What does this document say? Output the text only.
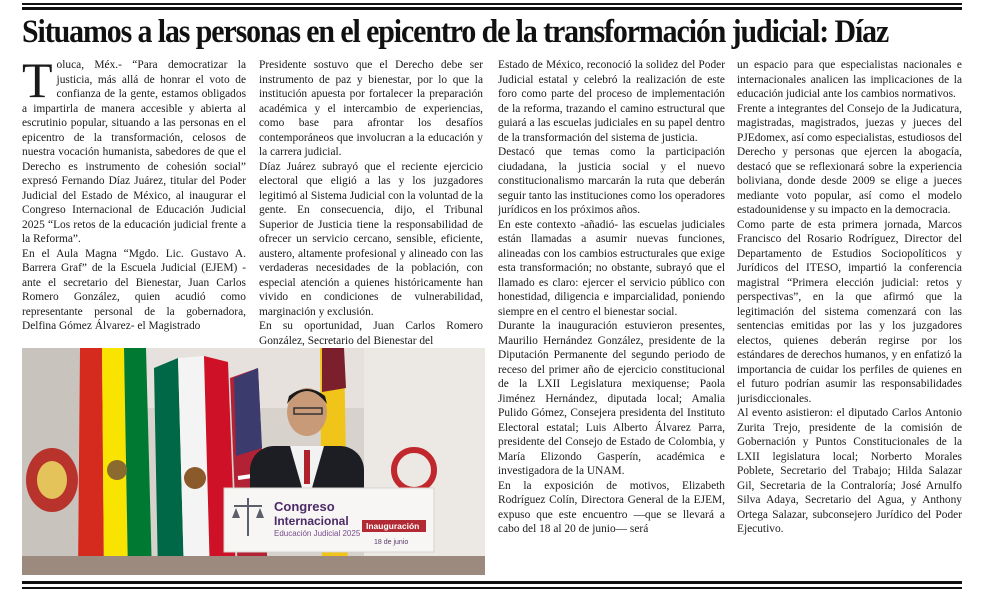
Situamos a las personas en el epicentro de la transformación judicial: Díaz

Toluca, Méx.- “Para democratizar la justicia, más allá de honrar el voto de confianza de la gente, estamos obligados a impartirla de manera accesible y abierta al escrutinio popular, situando a las personas en el epicentro de la transformación, celosos de nuestra vocación humanista, sabedores de que el Derecho es instrumento de cohesión social” expresó Fernando Díaz Juárez, titular del Poder Judicial del Estado de México, al inaugurar el Congreso Internacional de Educación Judicial 2025 “Los retos de la educación judicial frente a la Reforma”.

En el Aula Magna “Mgdo. Lic. Gustavo A. Barrera Graf” de la Escuela Judicial (EJEM) -ante el secretario del Bienestar, Juan Carlos Romero González, quien acudió como representante personal de la gobernadora, Delfina Gómez Álvarez- el Magistrado

Presidente sostuvo que el Derecho debe ser instrumento de paz y bienestar, por lo que la institución apuesta por fortalecer la preparación académica y el intercambio de experiencias, como base para afrontar los desafíos contemporáneos que involucran a la educación y la carrera judicial.

Díaz Juárez subrayó que el reciente ejercicio electoral que eligió a las y los juzgadores legitimó al Sistema Judicial con la voluntad de la gente. En consecuencia, dijo, el Tribunal Superior de Justicia tiene la responsabilidad de ofrecer un servicio cercano, sensible, eficiente, austero, altamente profesional y alineado con las verdaderas necesidades de la población, con especial atención a quienes históricamente han vivido en condiciones de vulnerabilidad, marginación y exclusión.

En su oportunidad, Juan Carlos Romero González, Secretario del Bienestar del

Estado de México, reconoció la solidez del Poder Judicial estatal y celebró la realización de este foro como parte del proceso de implementación de la reforma, trazando el camino estructural que guiará a las escuelas judiciales en su papel dentro de la transformación del sistema de justicia.

Destacó que temas como la participación ciudadana, la justicia social y el nuevo constitucionalismo marcarán la ruta que deberán seguir tanto las instituciones como los operadores jurídicos en los próximos años.

En este contexto -añadió- las escuelas judiciales están llamadas a asumir nuevas funciones, alineadas con los cambios estructurales que exige esta transformación; no obstante, subrayó que el llamado es claro: ejercer el servicio público con honestidad, diligencia e imparcialidad, poniendo siempre en el centro el bienestar social.

Durante la inauguración estuvieron presentes, Maurilio Hernández González, presidente de la Diputación Permanente del segundo periodo de receso del primer año de ejercicio constitucional de la LXII Legislatura mexiquense; Paola Jiménez Hernández, diputada local; Amalia Pulido Gómez, Consejera presidenta del Instituto Electoral estatal; Luis Alberto Álvarez Parra, presidente del Consejo de Estado de Colombia, y María Elizondo Gasperín, académica e investigadora de la UNAM.

En la exposición de motivos, Elizabeth Rodríguez Colín, Directora General de la EJEM, expuso que este encuentro —que se llevará a cabo del 18 al 20 de junio— será

un espacio para que especialistas nacionales e internacionales analicen las implicaciones de la educación judicial ante los cambios normativos.

Frente a integrantes del Consejo de la Judicatura, magistradas, magistrados, juezas y jueces del PJEdomex, así como especialistas, estudiosos del Derecho y personas que ejercen la abogacía, destacó que se reflexionará sobre la experiencia boliviana, donde desde 2009 se elige a jueces mediante voto popular, así como el modelo estadounidense y su impacto en la democracia.

Como parte de esta primera jornada, Marcos Francisco del Rosario Rodríguez, Director del Departamento de Estudios Sociopolíticos y Jurídicos del ITESO, impartió la conferencia magistral “Primera elección judicial: retos y perspectivas”, en la que afirmó que la legitimación del sistema comenzará con las sentencias emitidas por las y los juzgadores electos, quienes deberán regirse por los estándares de derechos humanos, y en enfatizó la importancia de cuidar los perfiles de quienes en el futuro podrían asumir las responsabilidades jurisdiccionales.

Al evento asistieron: el diputado Carlos Antonio Zurita Trejo, presidente de la comisión de Gobernación y Puntos Constitucionales de la LXII legislatura local; Norberto Morales Poblete, Secretario del Trabajo; Hilda Salazar Gil, Secretaria de la Contraloría; José Arnulfo Silva Adaya, Secretario del Agua, y Anthony Ortega Salazar, subconsejero Jurídico del Poder Ejecutivo.

Congreso
Internacional
Educación Judicial 2025
Inauguración
18 de junio
